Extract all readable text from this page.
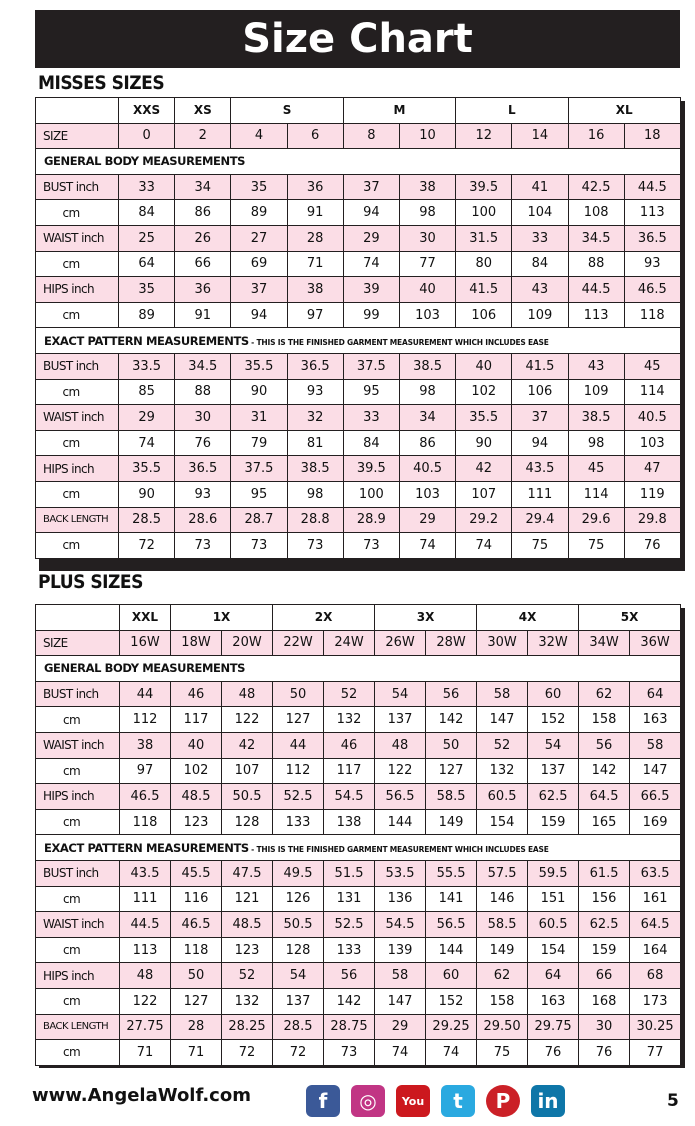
Size Chart
MISSES SIZES
	XXS	XS	S		M		L		XL	
SIZE	0	2	4	6	8	10	12	14	16	18
GENERAL BODY MEASUREMENTS										
BUST inch	33	34	35	36	37	38	39.5	41	42.5	44.5
cm	84	86	89	91	94	98	100	104	108	113
WAIST inch	25	26	27	28	29	30	31.5	33	34.5	36.5
cm	64	66	69	71	74	77	80	84	88	93
HIPS inch	35	36	37	38	39	40	41.5	43	44.5	46.5
cm	89	91	94	97	99	103	106	109	113	118
EXACT PATTERN MEASUREMENTS - THIS IS THE FINISHED GARMENT MEASUREMENT WHICH INCLUDES EASE										
BUST inch	33.5	34.5	35.5	36.5	37.5	38.5	40	41.5	43	45
cm	85	88	90	93	95	98	102	106	109	114
WAIST inch	29	30	31	32	33	34	35.5	37	38.5	40.5
cm	74	76	79	81	84	86	90	94	98	103
HIPS inch	35.5	36.5	37.5	38.5	39.5	40.5	42	43.5	45	47
cm	90	93	95	98	100	103	107	111	114	119
BACK LENGTH	28.5	28.6	28.7	28.8	28.9	29	29.2	29.4	29.6	29.8
cm	72	73	73	73	73	74	74	75	75	76
PLUS SIZES
	XXL	1X		2X		3X		4X		5X	
SIZE	16W	18W	20W	22W	24W	26W	28W	30W	32W	34W	36W
GENERAL BODY MEASUREMENTS											
BUST inch	44	46	48	50	52	54	56	58	60	62	64
cm	112	117	122	127	132	137	142	147	152	158	163
WAIST inch	38	40	42	44	46	48	50	52	54	56	58
cm	97	102	107	112	117	122	127	132	137	142	147
HIPS inch	46.5	48.5	50.5	52.5	54.5	56.5	58.5	60.5	62.5	64.5	66.5
cm	118	123	128	133	138	144	149	154	159	165	169
EXACT PATTERN MEASUREMENTS - THIS IS THE FINISHED GARMENT MEASUREMENT WHICH INCLUDES EASE											
BUST inch	43.5	45.5	47.5	49.5	51.5	53.5	55.5	57.5	59.5	61.5	63.5
cm	111	116	121	126	131	136	141	146	151	156	161
WAIST inch	44.5	46.5	48.5	50.5	52.5	54.5	56.5	58.5	60.5	62.5	64.5
cm	113	118	123	128	133	139	144	149	154	159	164
HIPS inch	48	50	52	54	56	58	60	62	64	66	68
cm	122	127	132	137	142	147	152	158	163	168	173
BACK LENGTH	27.75	28	28.25	28.5	28.75	29	29.25	29.50	29.75	30	30.25
cm	71	71	72	72	73	74	74	75	76	76	77
www.AngelaWolf.com	f	◎	You	t	P	in	5
